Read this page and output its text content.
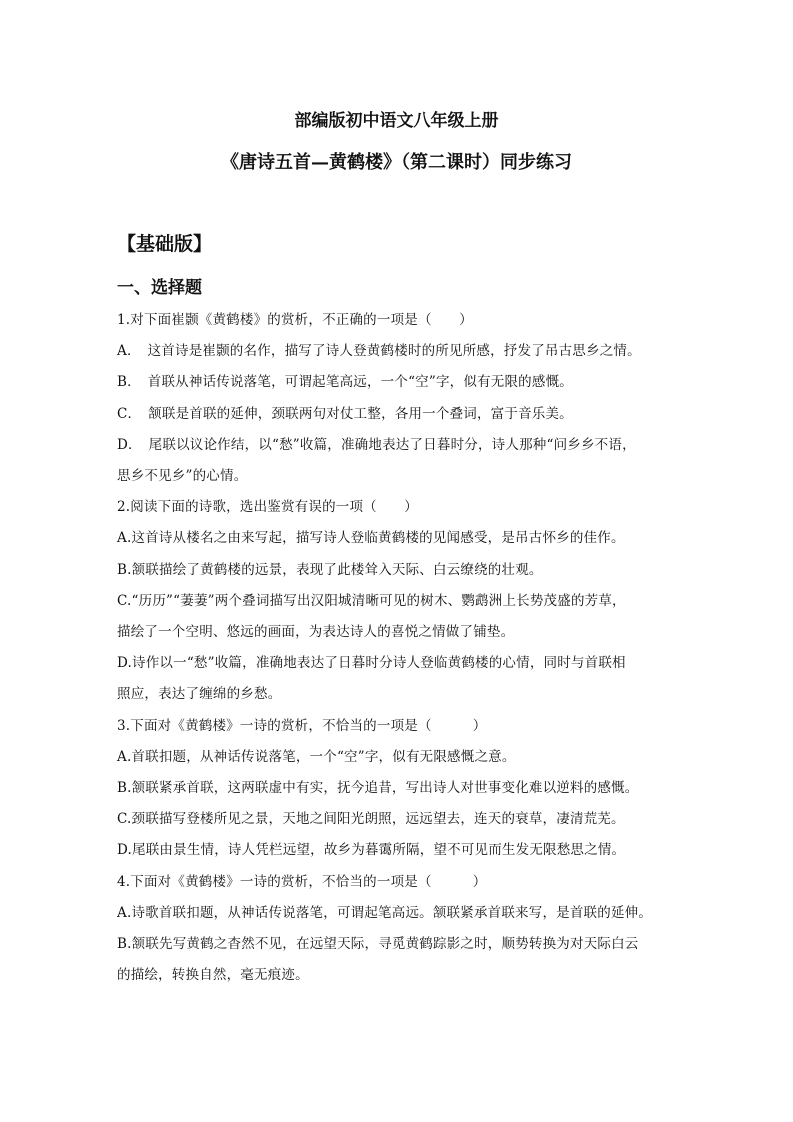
部编版初中语文八年级上册
《唐诗五首—黄鹤楼》（第二课时）同步练习
【基础版】
一、选择题
1.对下面崔颢《黄鹤楼》的赏析，不正确的一项是（　　）
A．　这首诗是崔颢的名作，描写了诗人登黄鹤楼时的所见所感，抒发了吊古思乡之情。
B．　首联从神话传说落笔，可谓起笔高远，一个“空”字，似有无限的感慨。
C．　颔联是首联的延伸，颈联两句对仗工整，各用一个叠词，富于音乐美。
D．　尾联以议论作结，以“愁”收篇，准确地表达了日暮时分，诗人那种“问乡乡不语，
思乡不见乡”的心情。
2.阅读下面的诗歌，选出鉴赏有误的一项（　　）
A.这首诗从楼名之由来写起，描写诗人登临黄鹤楼的见闻感受，是吊古怀乡的佳作。
B.颔联描绘了黄鹤楼的远景，表现了此楼耸入天际、白云缭绕的壮观。
C.“历历”“萋萋”两个叠词描写出汉阳城清晰可见的树木、鹦鹉洲上长势茂盛的芳草，
描绘了一个空明、悠远的画面，为表达诗人的喜悦之情做了铺垫。
D.诗作以一“愁”收篇，准确地表达了日暮时分诗人登临黄鹤楼的心情，同时与首联相
照应，表达了缠绵的乡愁。
3.下面对《黄鹤楼》一诗的赏析，不恰当的一项是（　　　）
A.首联扣题，从神话传说落笔，一个“空”字，似有无限感慨之意。
B.颔联紧承首联，这两联虚中有实，抚今追昔，写出诗人对世事变化难以逆料的感慨。
C.颈联描写登楼所见之景，天地之间阳光朗照，远远望去，连天的衰草，凄清荒芜。
D.尾联由景生情，诗人凭栏远望，故乡为暮霭所隔，望不可见而生发无限愁思之情。
4.下面对《黄鹤楼》一诗的赏析，不恰当的一项是（　　　）
A.诗歌首联扣题，从神话传说落笔，可谓起笔高远。颔联紧承首联来写，是首联的延伸。
B.颔联先写黄鹤之杳然不见，在远望天际，寻觅黄鹤踪影之时，顺势转换为对天际白云
的描绘，转换自然，毫无痕迹。
